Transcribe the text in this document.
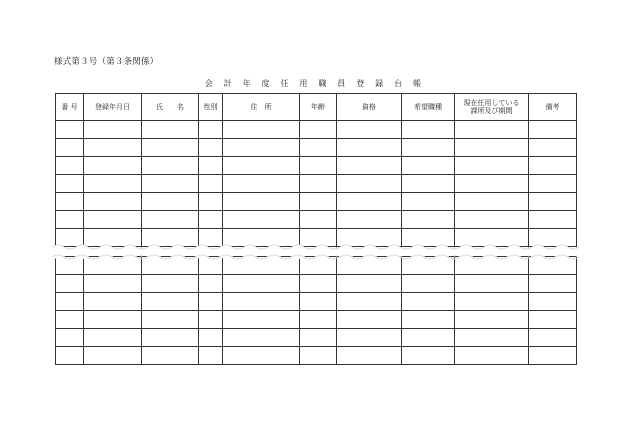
様式第３号（第３条関係）
会 計 年 度 任 用 職 員 登 録 台 帳
番 号	登録年月日	氏　　名	性別	住　所	年齢	資格	希望職種	現在任用している
課所及び期間	備考
